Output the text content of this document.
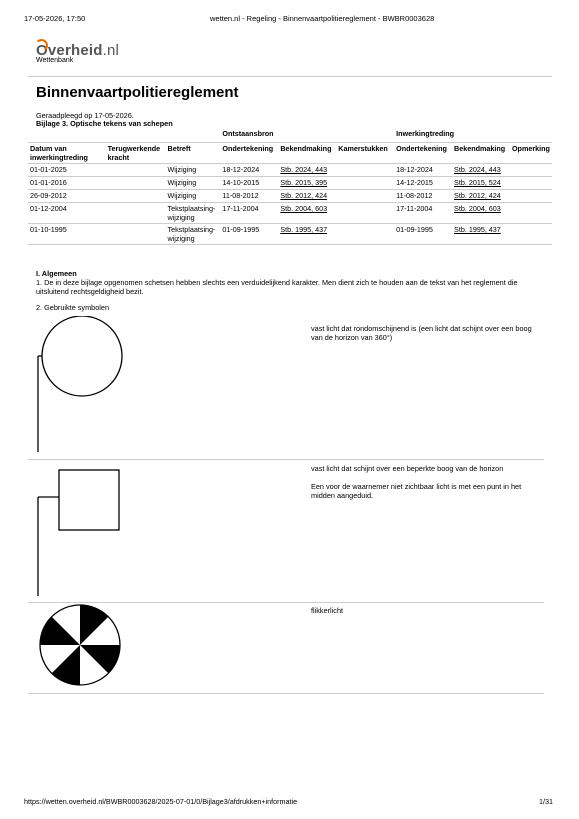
17-05-2026, 17:50	wetten.nl - Regeling - Binnenvaartpolitiereglement - BWBR0003628
Overheid.nl
Wettenbank
Binnenvaartpolitiereglement
Geraadpleegd op 17-05-2026.
Bijlage 3. Optische tekens van schepen
			Ontstaansbron			Inwerkingtreding		
Datum van inwerkingtreding	Terugwerkende kracht	Betreft	Ondertekening	Bekendmaking	Kamerstukken	Ondertekening	Bekendmaking	Opmerking
01-01-2025		Wijziging	18-12-2024	Stb. 2024, 443		18-12-2024	Stb. 2024, 443	
01-01-2016		Wijziging	14-10-2015	Stb. 2015, 395		14-12-2015	Stb. 2015, 524	
26-09-2012		Wijziging	11-08-2012	Stb. 2012, 424		11-08-2012	Stb. 2012, 424	
01-12-2004		Tekstplaatsing-wijziging	17-11-2004	Stb. 2004, 603		17-11-2004	Stb. 2004, 603	
01-10-1995		Tekstplaatsing-wijziging	01-09-1995	Stb. 1995, 437		01-09-1995	Stb. 1995, 437	
I. Algemeen
1. De in deze bijlage opgenomen schetsen hebben slechts een verduidelijkend karakter. Men dient zich te houden aan de tekst van het reglement die uitsluitend rechtsgeldigheid bezit.
2. Gebruikte symbolen
vast licht dat rondomschijnend is (een licht dat schijnt over een boog van de horizon van 360°)
vast licht dat schijnt over een beperkte boog van de horizon
Een voor de waarnemer niet zichtbaar licht is met een punt in het midden aangeduid.
flikkerlicht
https://wetten.overheid.nl/BWBR0003628/2025-07-01/0/Bijlage3/afdrukken+informatie	1/31
